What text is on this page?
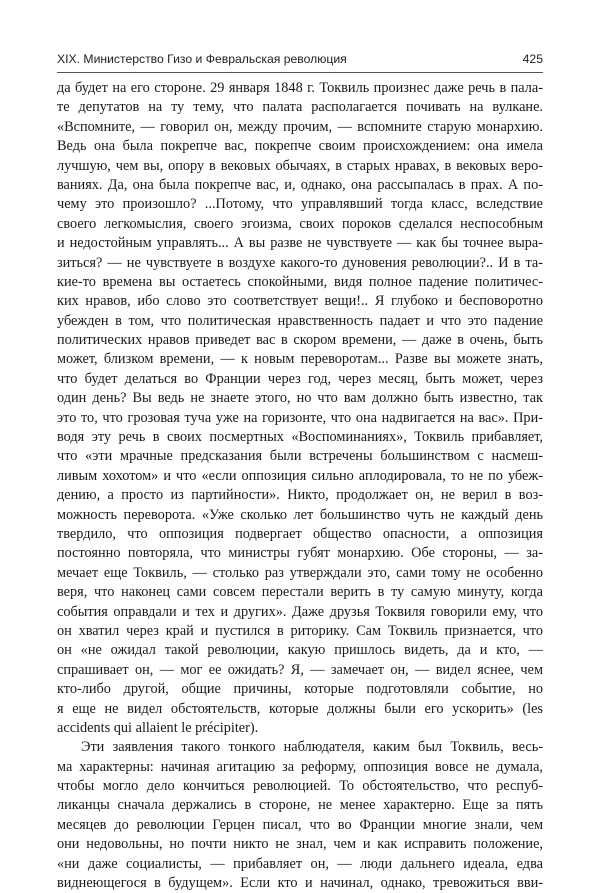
XIX. Министерство Гизо и Февральская революция	425
да будет на его стороне. 29 января 1848 г. Токвиль произнес даже речь в пала-
те депутатов на ту тему, что палата располагается почивать на вулкане.
«Вспомните, — говорил он, между прочим, — вспомните старую монархию.
Ведь она была покрепче вас, покрепче своим происхождением: она имела
лучшую, чем вы, опору в вековых обычаях, в старых нравах, в вековых веро-
ваниях. Да, она была покрепче вас, и, однако, она рассыпалась в прах. А по-
чему это произошло? ...Потому, что управлявший тогда класс, вследствие
своего легкомыслия, своего эгоизма, своих пороков сделался неспособным
и недостойным управлять... А вы разве не чувствуете — как бы точнее выра-
зиться? — не чувствуете в воздухе какого-то дуновения революции?.. И в та-
кие-то времена вы остаетесь спокойными, видя полное падение политичес-
ких нравов, ибо слово это соответствует вещи!.. Я глубоко и бесповоротно
убежден в том, что политическая нравственность падает и что это падение
политических нравов приведет вас в скором времени, — даже в очень, быть
может, близком времени, — к новым переворотам... Разве вы можете знать,
что будет делаться во Франции через год, через месяц, быть может, через
один день? Вы ведь не знаете этого, но что вам должно быть известно, так
это то, что грозовая туча уже на горизонте, что она надвигается на вас». При-
водя эту речь в своих посмертных «Воспоминаниях», Токвиль прибавляет,
что «эти мрачные предсказания были встречены большинством с насмеш-
ливым хохотом» и что «если оппозиция сильно аплодировала, то не по убеж-
дению, а просто из партийности». Никто, продолжает он, не верил в воз-
можность переворота. «Уже сколько лет большинство чуть не каждый день
твердило, что оппозиция подвергает общество опасности, а оппозиция
постоянно повторяла, что министры губят монархию. Обе стороны, — за-
мечает еще Токвиль, — столько раз утверждали это, сами тому не особенно
веря, что наконец сами совсем перестали верить в ту самую минуту, когда
события оправдали и тех и других». Даже друзья Токвиля говорили ему, что
он хватил через край и пустился в риторику. Сам Токвиль признается, что
он «не ожидал такой революции, какую пришлось видеть, да и кто, —
спрашивает он, — мог ее ожидать? Я, — замечает он, — видел яснее, чем
кто-либо другой, общие причины, которые подготовляли событие, но
я еще не видел обстоятельств, которые должны были его ускорить» (les
accidents qui allaient le précipiter).
Эти заявления такого тонкого наблюдателя, каким был Токвиль, весь-
ма характерны: начиная агитацию за реформу, оппозиция вовсе не думала,
чтобы могло дело кончиться революцией. То обстоятельство, что респуб-
ликанцы сначала держались в стороне, не менее характерно. Еще за пять
месяцев до революции Герцен писал, что во Франции многие знали, чем
они недовольны, но почти никто не знал, чем и как исправить положение,
«ни даже социалисты, — прибавляет он, — люди дальнего идеала, едва
виднеющегося в будущем». Если кто и начинал, однако, тревожиться вви-
